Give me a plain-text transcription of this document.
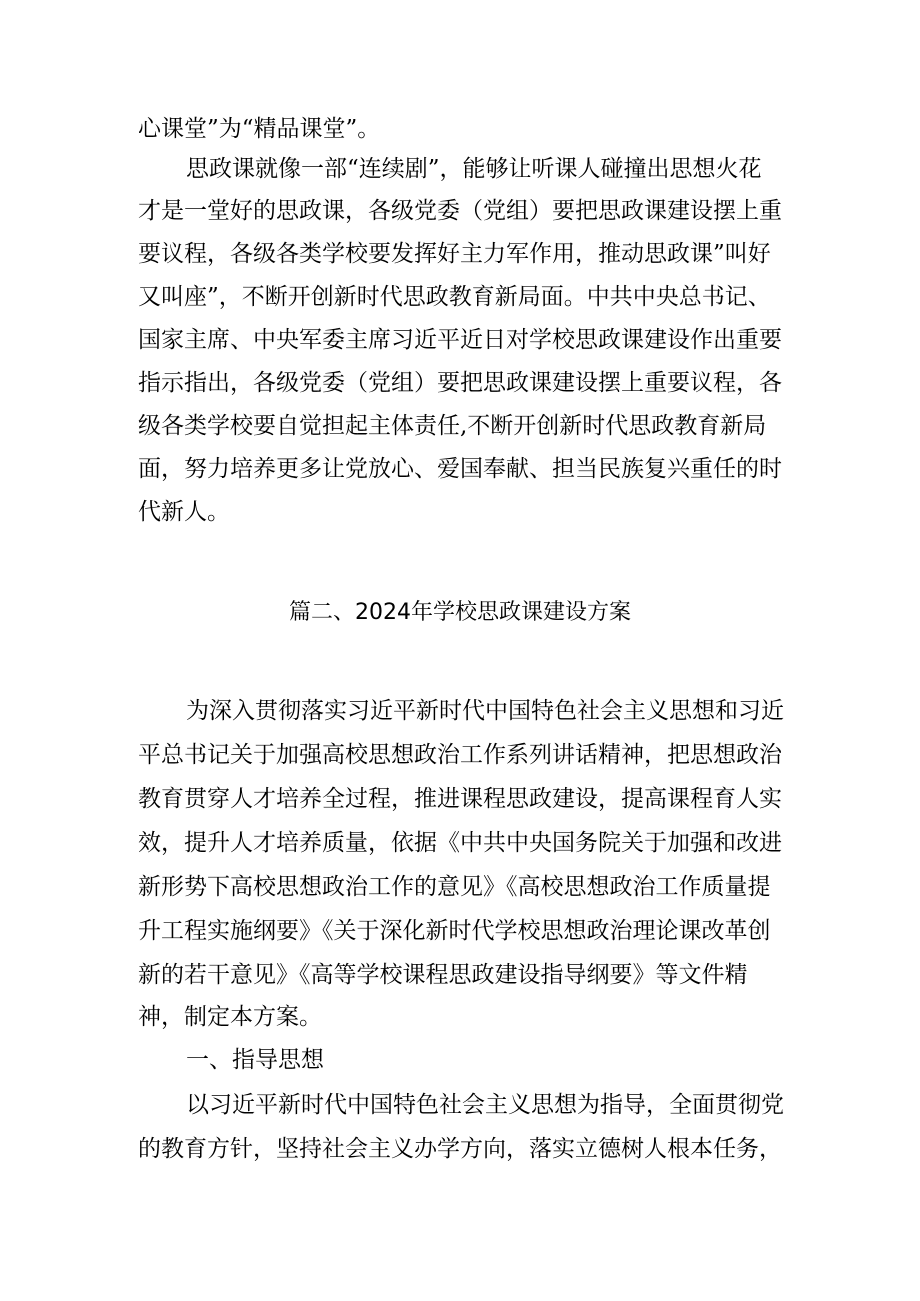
心课堂”为“精品课堂”。
思政课就像一部“连续剧”，能够让听课人碰撞出思想火花
才是一堂好的思政课，各级党委（党组）要把思政课建设摆上重
要议程，各级各类学校要发挥好主力军作用，推动思政课”叫好
又叫座”，不断开创新时代思政教育新局面。中共中央总书记、
国家主席、中央军委主席习近平近日对学校思政课建设作出重要
指示指出，各级党委（党组）要把思政课建设摆上重要议程，各
级各类学校要自觉担起主体责任,不断开创新时代思政教育新局
面，努力培养更多让党放心、爱国奉献、担当民族复兴重任的时
代新人。
篇二、2024年学校思政课建设方案
为深入贯彻落实习近平新时代中国特色社会主义思想和习近
平总书记关于加强高校思想政治工作系列讲话精神，把思想政治
教育贯穿人才培养全过程，推进课程思政建设，提高课程育人实
效，提升人才培养质量，依据《中共中央国务院关于加强和改进
新形势下高校思想政治工作的意见》《高校思想政治工作质量提
升工程实施纲要》《关于深化新时代学校思想政治理论课改革创
新的若干意见》《高等学校课程思政建设指导纲要》等文件精
神，制定本方案。
一、指导思想
以习近平新时代中国特色社会主义思想为指导，全面贯彻党
的教育方针，坚持社会主义办学方向，落实立德树人根本任务，
